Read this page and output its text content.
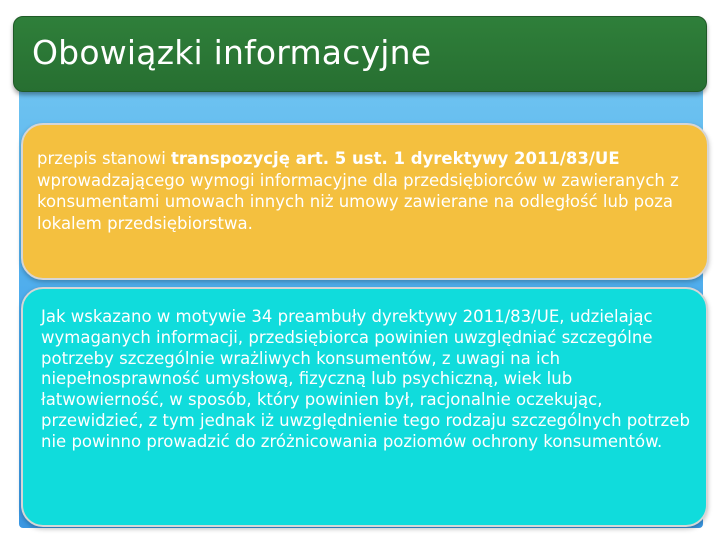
Obowiązki informacyjne
przepis stanowi transpozycję art. 5 ust. 1 dyrektywy 2011/83/UE wprowadzającego wymogi informacyjne dla przedsiębiorców w zawieranych z konsumentami umowach innych niż umowy zawierane na odległość lub poza lokalem przedsiębiorstwa.
Jak wskazano w motywie 34 preambuły dyrektywy 2011/83/UE, udzielając wymaganych informacji, przedsiębiorca powinien uwzględniać szczególne potrzeby szczególnie wrażliwych konsumentów, z uwagi na ich niepełnosprawność umysłową, fizyczną lub psychiczną, wiek lub łatwowierność, w sposób, który powinien był, racjonalnie oczekując, przewidzieć, z tym jednak iż uwzględnienie tego rodzaju szczególnych potrzeb nie powinno prowadzić do zróżnicowania poziomów ochrony konsumentów.
